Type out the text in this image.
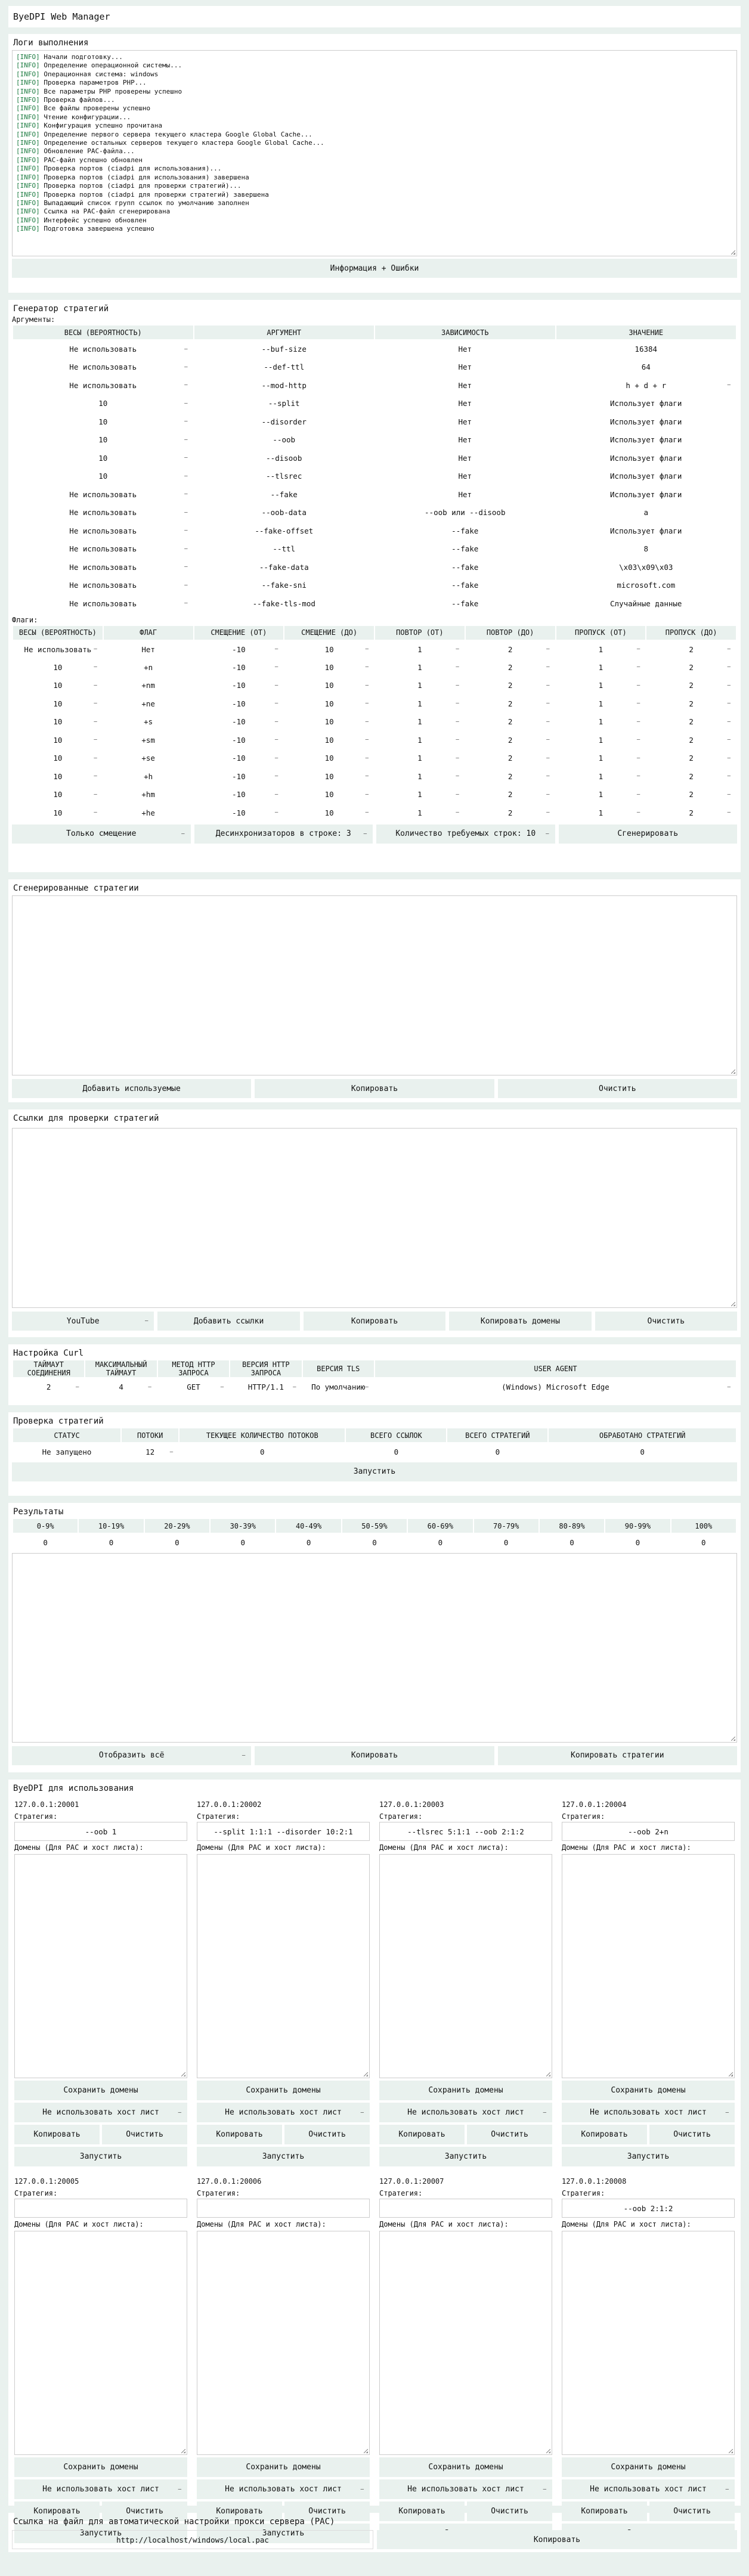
ByeDPI Web Manager
Логи выполнения
[INFO] Начали подготовку...
[INFO] Определение операционной системы...
[INFO] Операционная система: windows
[INFO] Проверка параметров PHP...
[INFO] Все параметры PHP проверены успешно
[INFO] Проверка файлов...
[INFO] Все файлы проверены успешно
[INFO] Чтение конфигурации...
[INFO] Конфигурация успешно прочитана
[INFO] Определение первого сервера текущего кластера Google Global Cache...
[INFO] Определение остальных серверов текущего кластера Google Global Cache...
[INFO] Обновление PAC-файла...
[INFO] PAC-файл успешно обновлен
[INFO] Проверка портов (ciadpi для использования)...
[INFO] Проверка портов (ciadpi для использования) завершена
[INFO] Проверка портов (ciadpi для проверки стратегий)...
[INFO] Проверка портов (ciadpi для проверки стратегий) завершена
[INFO] Выпадающий список групп ссылок по умолчанию заполнен
[INFO] Ссылка на PAC-файл сгенерирована
[INFO] Интерфейс успешно обновлен
[INFO] Подготовка завершена успешно
Информация + Ошибки
Генератор стратегий
Аргументы:
ВЕСЫ (ВЕРОЯТНОСТЬ)	АРГУМЕНТ	ЗАВИСИМОСТЬ	ЗНАЧЕНИЕ
Не использовать –	--buf-size	Нет	16384
Не использовать –	--def-ttl	Нет	64
Не использовать –	--mod-http	Нет	h + d + r –
10 –	--split	Нет	Использует флаги
10 –	--disorder	Нет	Использует флаги
10 –	--oob	Нет	Использует флаги
10 –	--disoob	Нет	Использует флаги
10 –	--tlsrec	Нет	Использует флаги
Не использовать –	--fake	Нет	Использует флаги
Не использовать –	--oob-data	--oob или --disoob	a
Не использовать –	--fake-offset	--fake	Использует флаги
Не использовать –	--ttl	--fake	8
Не использовать –	--fake-data	--fake	\x03\x09\x03
Не использовать –	--fake-sni	--fake	microsoft.com
Не использовать –	--fake-tls-mod	--fake	Случайные данные
Флаги:
ВЕСЫ (ВЕРОЯТНОСТЬ)	ФЛАГ	СМЕЩЕНИЕ (ОТ)	СМЕЩЕНИЕ (ДО)	ПОВТОР (ОТ)	ПОВТОР (ДО)	ПРОПУСК (ОТ)	ПРОПУСК (ДО)
Не использовать –	Нет	-10 –	10 –	1 –	2 –	1 –	2 –
10 –	+n	-10 –	10 –	1 –	2 –	1 –	2 –
10 –	+nm	-10 –	10 –	1 –	2 –	1 –	2 –
10 –	+ne	-10 –	10 –	1 –	2 –	1 –	2 –
10 –	+s	-10 –	10 –	1 –	2 –	1 –	2 –
10 –	+sm	-10 –	10 –	1 –	2 –	1 –	2 –
10 –	+se	-10 –	10 –	1 –	2 –	1 –	2 –
10 –	+h	-10 –	10 –	1 –	2 –	1 –	2 –
10 –	+hm	-10 –	10 –	1 –	2 –	1 –	2 –
10 –	+he	-10 –	10 –	1 –	2 –	1 –	2 –
Только смещение –	Десинхронизаторов в строке: 3 –	Количество требуемых строк: 10 –	Сгенерировать
Сгенерированные стратегии
Добавить используемые	Копировать	Очистить
Ссылки для проверки стратегий
YouTube –	Добавить ссылки	Копировать	Копировать домены	Очистить
Настройка Curl
ТАЙМАУТ СОЕДИНЕНИЯ	МАКСИМАЛЬНЫЙ ТАЙМАУТ	МЕТОД HTTP ЗАПРОСА	ВЕРСИЯ HTTP ЗАПРОСА	ВЕРСИЯ TLS	USER AGENT
2 –	4 –	GET –	HTTP/1.1 –	По умолчанию –	(Windows) Microsoft Edge –
Проверка стратегий
СТАТУС	ПОТОКИ	ТЕКУЩЕЕ КОЛИЧЕСТВО ПОТОКОВ	ВСЕГО ССЫЛОК	ВСЕГО СТРАТЕГИЙ	ОБРАБОТАНО СТРАТЕГИЙ
Не запущено	12 –	0	0	0	0
Запустить
Результаты
0-9%	10-19%	20-29%	30-39%	40-49%	50-59%	60-69%	70-79%	80-89%	90-99%	100%
0	0	0	0	0	0	0	0	0	0	0
Отобразить всё –	Копировать	Копировать стратегии
ByeDPI для использования
127.0.0.1:20001
Стратегия:
--oob 1
Домены (Для PAC и хост листа):
Сохранить домены
Не использовать хост лист –
Копировать	Очистить
Запустить
127.0.0.1:20002
Стратегия:
--split 1:1:1 --disorder 10:2:1
Домены (Для PAC и хост листа):
Сохранить домены
Не использовать хост лист –
Копировать	Очистить
Запустить
127.0.0.1:20003
Стратегия:
--tlsrec 5:1:1 --oob 2:1:2
Домены (Для PAC и хост листа):
Сохранить домены
Не использовать хост лист –
Копировать	Очистить
Запустить
127.0.0.1:20004
Стратегия:
--oob 2+n
Домены (Для PAC и хост листа):
Сохранить домены
Не использовать хост лист –
Копировать	Очистить
Запустить
127.0.0.1:20005
Стратегия:
Домены (Для PAC и хост листа):
Сохранить домены
Не использовать хост лист –
Копировать	Очистить
Запустить
127.0.0.1:20006
Стратегия:
Домены (Для PAC и хост листа):
Сохранить домены
Не использовать хост лист –
Копировать	Очистить
Запустить
127.0.0.1:20007
Стратегия:
Домены (Для PAC и хост листа):
Сохранить домены
Не использовать хост лист –
Копировать	Очистить
127.0.0.1:20008
Стратегия:
--oob 2:1:2
Домены (Для PAC и хост листа):
Сохранить домены
Не использовать хост лист –
Копировать	Очистить
Ссылка на файл для автоматической настройки прокси сервера (PAC)
http://localhost/windows/local.pac	Копировать
